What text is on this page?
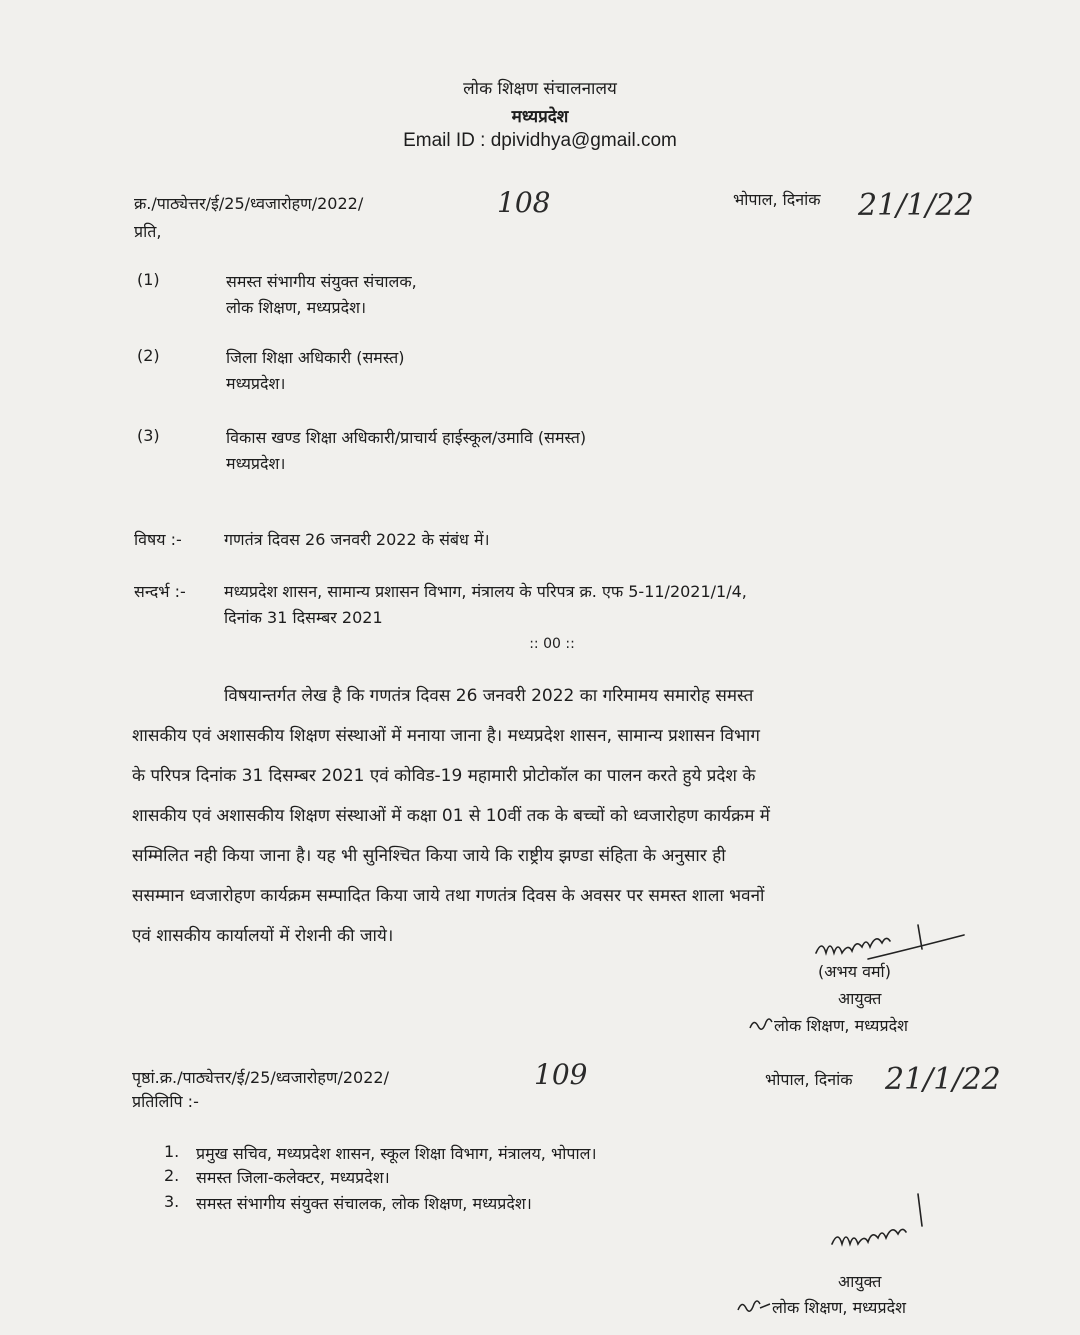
लोक शिक्षण संचालनालय
मध्यप्रदेश
Email ID : dpividhya@gmail.com
क्र./पाठ्येत्तर/ई/25/ध्वजारोहण/2022/	108	भोपाल, दिनांक 21/1/22
प्रति,
(1)	समस्त संभागीय संयुक्त संचालक,
लोक शिक्षण, मध्यप्रदेश।
(2)	जिला शिक्षा अधिकारी (समस्त)
मध्यप्रदेश।
(3)	विकास खण्ड शिक्षा अधिकारी/प्राचार्य हाईस्कूल/उमावि (समस्त)
मध्यप्रदेश।
विषय :-	गणतंत्र दिवस 26 जनवरी 2022 के संबंध में।
सन्दर्भ :- मध्यप्रदेश शासन, सामान्य प्रशासन विभाग, मंत्रालय के परिपत्र क्र. एफ 5-11/2021/1/4,
दिनांक 31 दिसम्बर 2021
:: 00 ::
विषयान्तर्गत लेख है कि गणतंत्र दिवस 26 जनवरी 2022 का गरिमामय समारोह समस्त
शासकीय एवं अशासकीय शिक्षण संस्थाओं में मनाया जाना है। मध्यप्रदेश शासन, सामान्य प्रशासन विभाग
के परिपत्र दिनांक 31 दिसम्बर 2021 एवं कोविड-19 महामारी प्रोटोकॉल का पालन करते हुये प्रदेश के
शासकीय एवं अशासकीय शिक्षण संस्थाओं में कक्षा 01 से 10वीं तक के बच्चों को ध्वजारोहण कार्यक्रम में
सम्मिलित नही किया जाना है। यह भी सुनिश्चित किया जाये कि राष्ट्रीय झण्डा संहिता के अनुसार ही
ससम्मान ध्वजारोहण कार्यक्रम सम्पादित किया जाये तथा गणतंत्र दिवस के अवसर पर समस्त शाला भवनों
एवं शासकीय कार्यालयों में रोशनी की जाये।
(अभय वर्मा)
आयुक्त
लोक शिक्षण, मध्यप्रदेश
पृष्ठां.क्र./पाठ्येत्तर/ई/25/ध्वजारोहण/2022/	109	भोपाल, दिनांक 21/1/22
प्रतिलिपि :-
1. प्रमुख सचिव, मध्यप्रदेश शासन, स्कूल शिक्षा विभाग, मंत्रालय, भोपाल।
2. समस्त जिला-कलेक्टर, मध्यप्रदेश।
3. समस्त संभागीय संयुक्त संचालक, लोक शिक्षण, मध्यप्रदेश।
आयुक्त
लोक शिक्षण, मध्यप्रदेश
